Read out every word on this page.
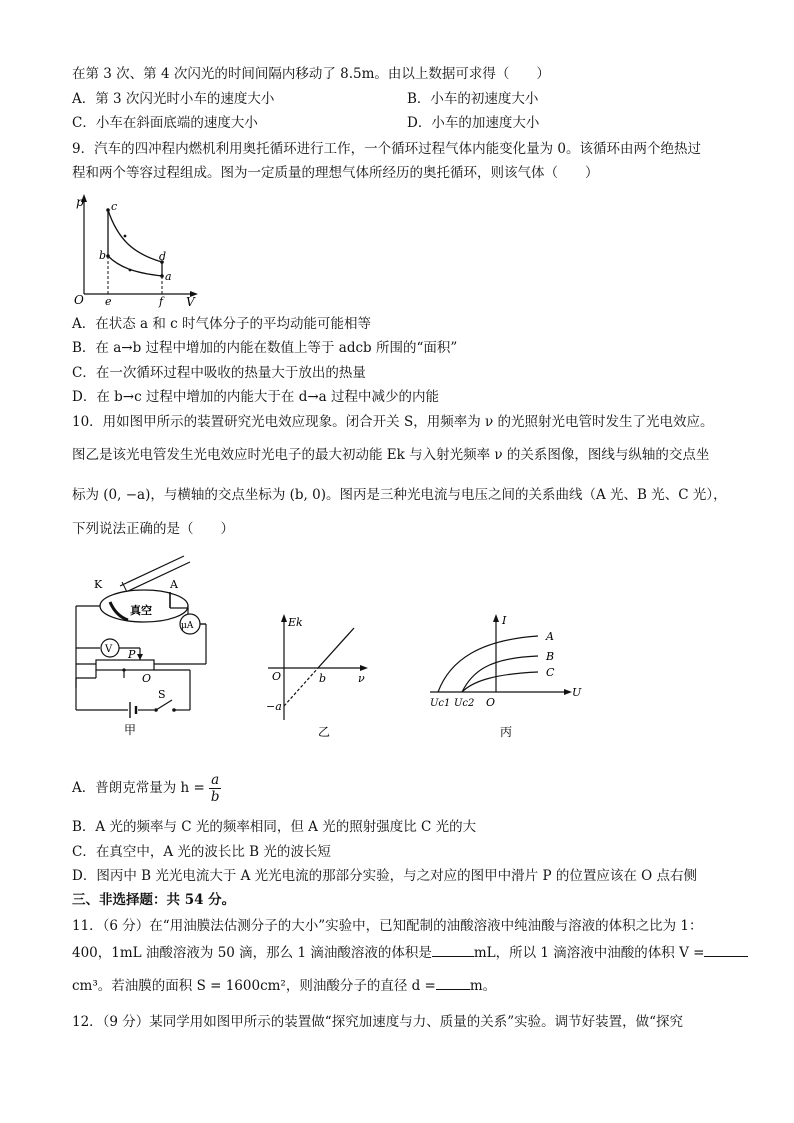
在第 3 次、第 4 次闪光的时间间隔内移动了 8.5m。由以上数据可求得（　　）
A．第 3 次闪光时小车的速度大小	B．小车的初速度大小
C．小车在斜面底端的速度大小	D．小车的加速度大小
9．汽车的四冲程内燃机利用奥托循环进行工作，一个循环过程气体内能变化量为 0。该循环由两个绝热过
程和两个等容过程组成。图为一定质量的理想气体所经历的奥托循环，则该气体（　　）
p
V
O
c
b	d
a
e	f
A．在状态 a 和 c 时气体分子的平均动能可能相等
B．在 a→b 过程中增加的内能在数值上等于 adcb 所围的“面积”
C．在一次循环过程中吸收的热量大于放出的热量
D．在 b→c 过程中增加的内能大于在 d→a 过程中减少的内能
10．用如图甲所示的装置研究光电效应现象。闭合开关 S，用频率为 ν 的光照射光电管时发生了光电效应。
图乙是该光电管发生光电效应时光电子的最大初动能 Ek 与入射光频率 ν 的关系图像，图线与纵轴的交点坐
标为 (0, −a)，与横轴的交点坐标为 (b, 0)。图丙是三种光电流与电压之间的关系曲线（A 光、B 光、C 光），
下列说法正确的是（　　）
K	A
真空
μA
V P
O
S
甲
Ek
O	b	ν
−a
乙
I
A
B
C
U
Uc1 Uc2 O
丙
A．普朗克常量为 $h = \frac{a}{b}$
B．A 光的频率与 C 光的频率相同，但 A 光的照射强度比 C 光的大
C．在真空中，A 光的波长比 B 光的波长短
D．图丙中 B 光光电流大于 A 光光电流的那部分实验，与之对应的图甲中滑片 P 的位置应该在 O 点右侧
三、非选择题：共 54 分。
11．（6 分）在“用油膜法估测分子的大小”实验中，已知配制的油酸溶液中纯油酸与溶液的体积之比为 1：
400，1mL 油酸溶液为 50 滴，那么 1 滴油酸溶液的体积是	mL，所以 1 滴溶液中油酸的体积 V =
cm³。若油膜的面积 S = 1600cm²，则油酸分子的直径 d =	m。
12．（9 分）某同学用如图甲所示的装置做“探究加速度与力、质量的关系”实验。调节好装置，做“探究
